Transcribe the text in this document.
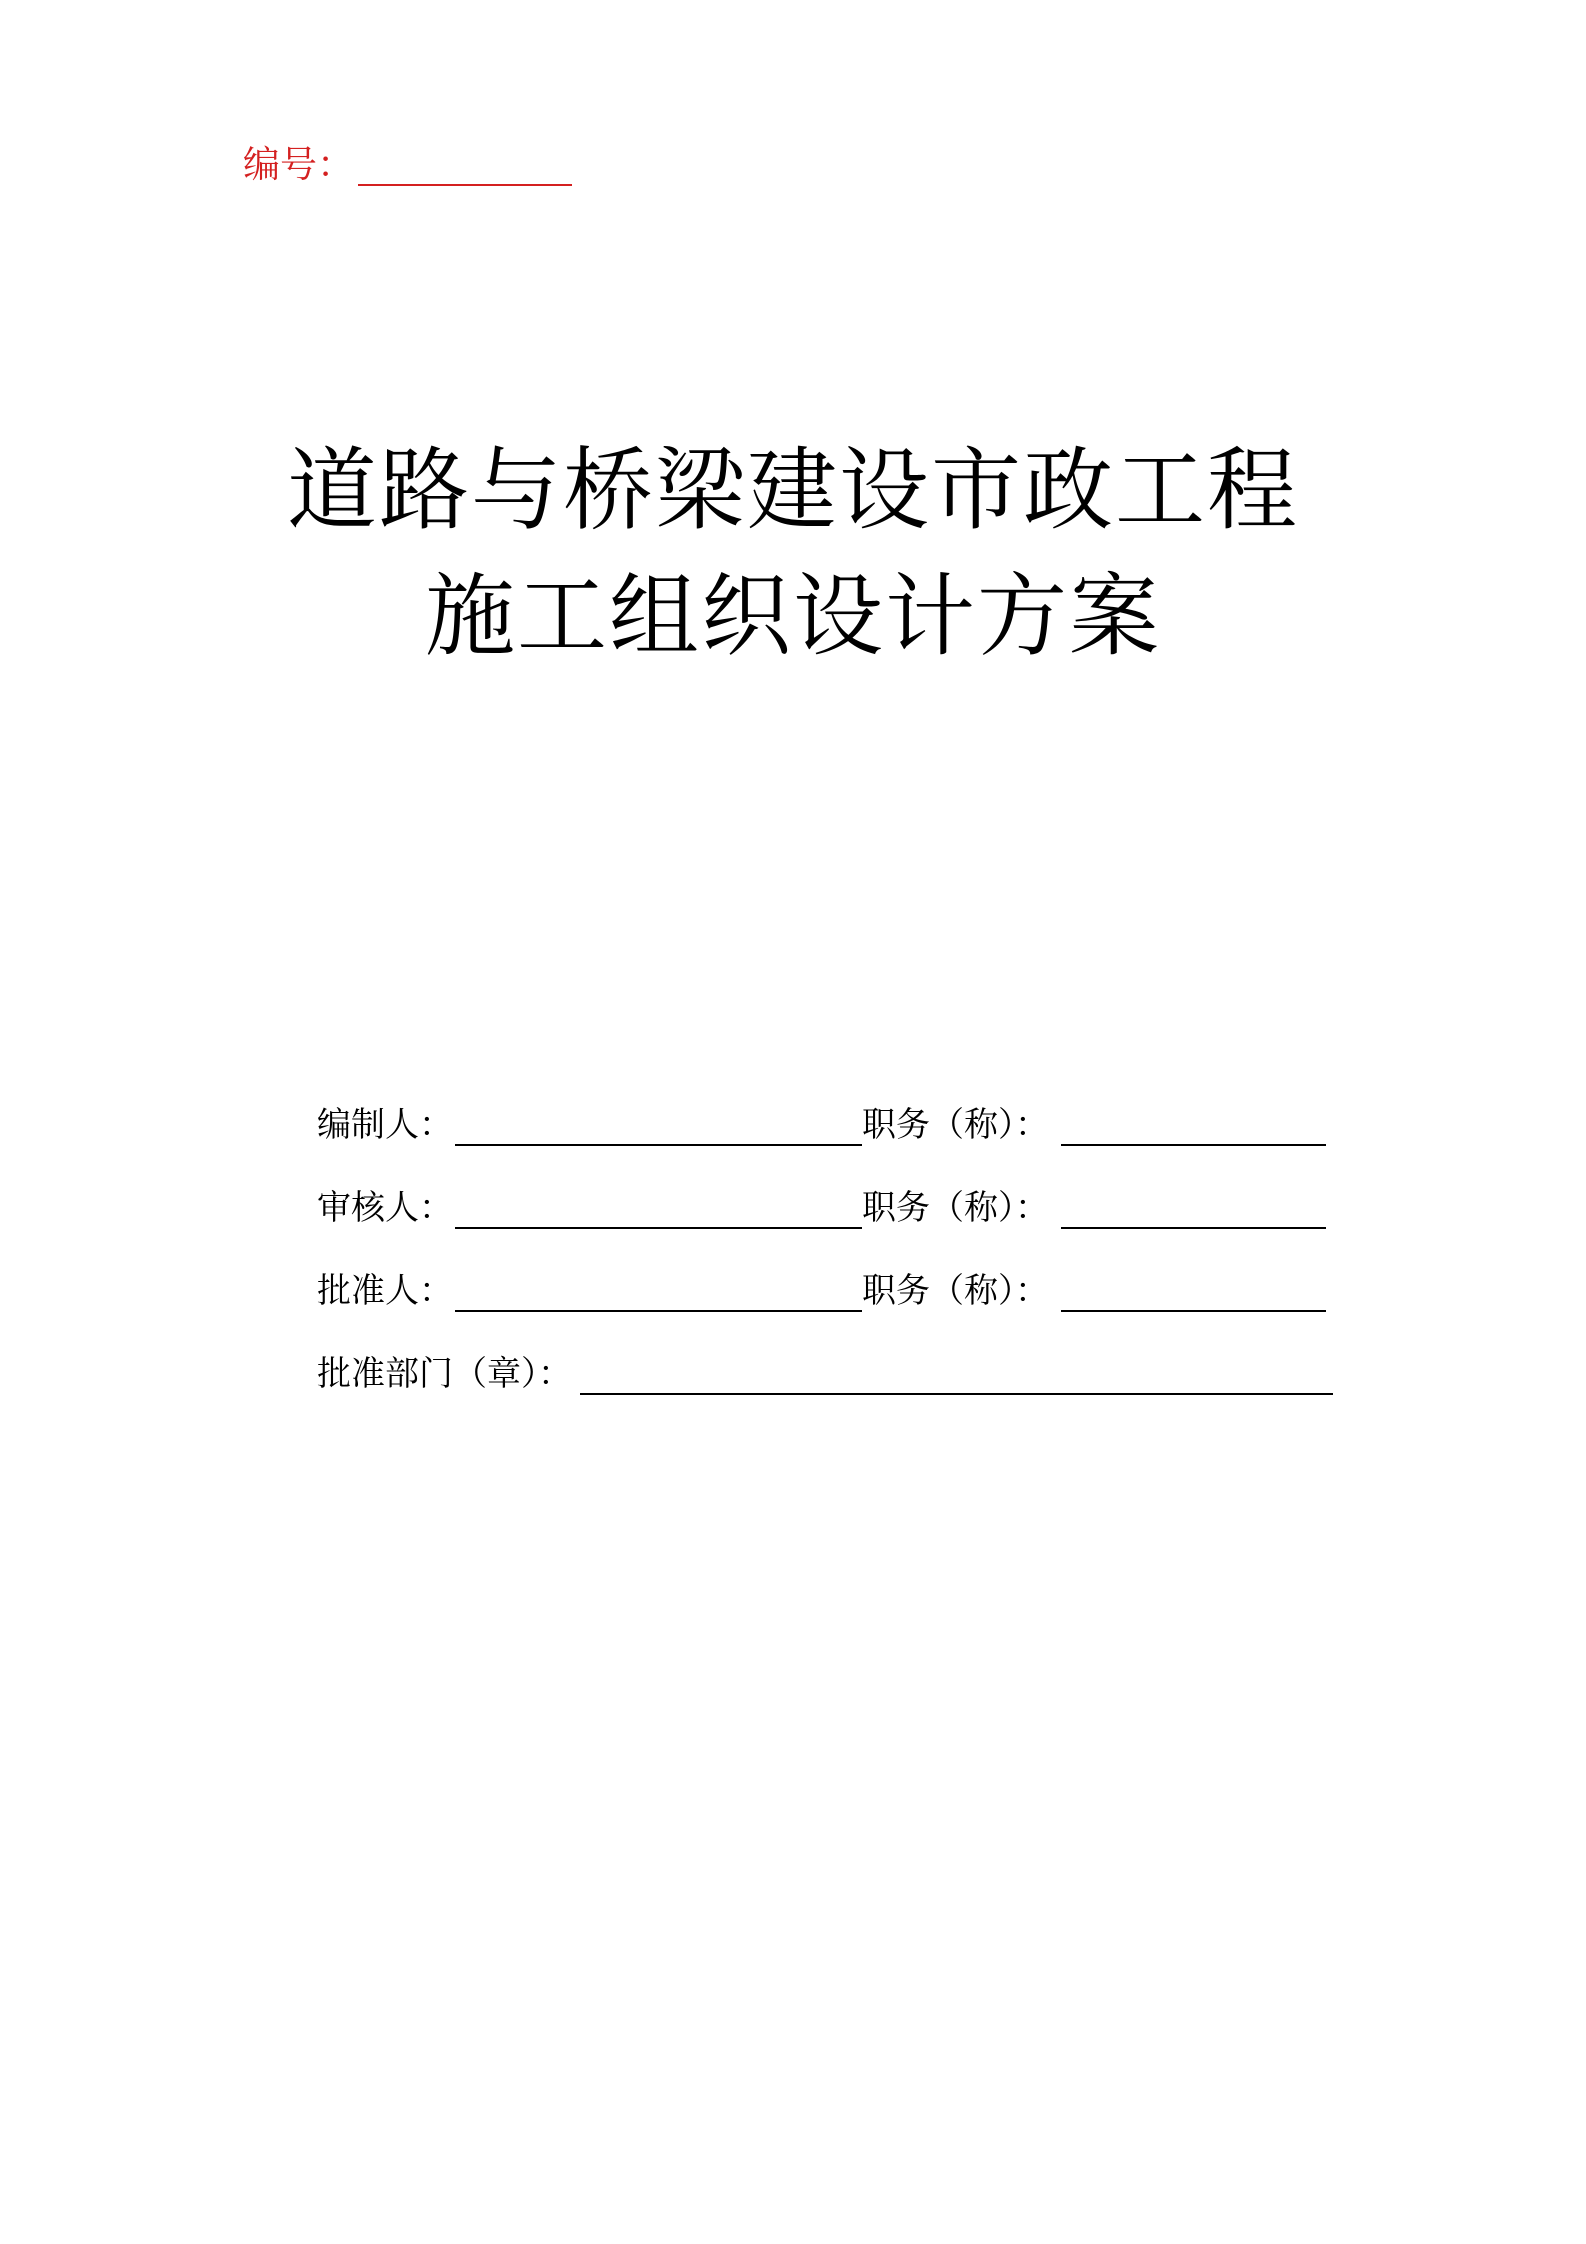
编号：
道路与桥梁建设市政工程
施工组织设计方案
编制人：	职务（称）：
审核人：	职务（称）：
批准人：	职务（称）：
批准部门（章）：
